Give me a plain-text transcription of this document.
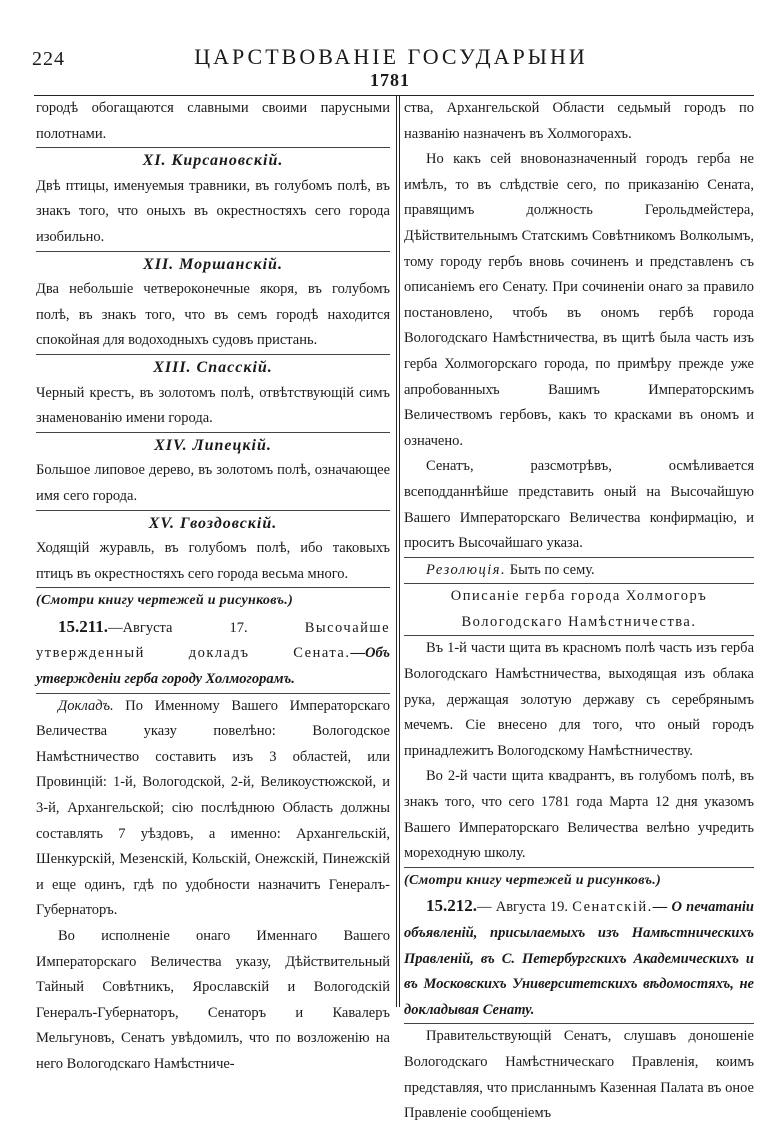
224	ЦАРСТВОВАНІЕ ГОСУДАРЫНИ
1781

городѣ обогащаются славными своими парусными полотнами.

XI. Кирсановскій.

Двѣ птицы, именуемыя травники, въ голубомъ полѣ, въ знакъ того, что оныхъ въ окрестностяхъ сего города изобильно.

XII. Моршанскій.

Два небольшіе четвероконечные якоря, въ голубомъ полѣ, въ знакъ того, что въ семъ городѣ находится спокойная для водоходныхъ судовъ пристань.

XIII. Спасскій.

Черный крестъ, въ золотомъ полѣ, отвѣтствующій симъ знаменованію имени города.

XIV. Липецкій.

Большое липовое дерево, въ золотомъ полѣ, означающее имя сего города.

XV. Гвоздовскій.

Ходящій журавль, въ голубомъ полѣ, ибо таковыхъ птицъ въ окрестностяхъ сего города весьма много.

(Смотри книгу чертежей и рисунковъ.)

15.211.—Августа 17.	Высочайше утвержденный докладъ Сената.—Объ утвержденіи герба городу Холмогорамъ.

Докладъ. По Именному Вашего Императорскаго Величества указу повелѣно: Вологодское Намѣстничество составить изъ 3 областей, или Провинцій: 1-й, Вологодской, 2-й, Великоустюжской, и 3-й, Архангельской; сію послѣднюю Область должны составлять 7 уѣздовъ, а именно: Архангельскій, Шенкурскій, Мезенскій, Кольскій, Онежскій, Пинежскій и еще одинъ, гдѣ по удобности назначитъ Генералъ-Губернаторъ.

Во исполненіе онаго Именнаго Вашего Императорскаго Величества указу, Дѣйствительный Тайный Совѣтникъ, Ярославскій и Вологодскій Генералъ-Губернаторъ, Сенаторъ и Кавалеръ Мельгуновъ, Сенатъ увѣдомилъ, что по возложенію на него Вологодскаго Намѣстниче-

ства, Архангельской Области седьмый городъ по названію назначенъ въ Холмогорахъ.

Но какъ сей вновоназначенный городъ герба не имѣлъ, то въ слѣдствіе сего, по приказанію Сената, правящимъ должность Герольдмейстера, Дѣйствительнымъ Статскимъ Совѣтникомъ Волколымъ, тому городу гербъ вновь сочиненъ и представленъ съ описаніемъ его Сенату. При сочиненіи онаго за правило постановлено, чтобъ въ ономъ гербѣ города Вологодскаго Намѣстничества, въ щитѣ была часть изъ герба Холмогорскаго города, по примѣру прежде уже апробованныхъ Вашимъ Императорскимъ Величествомъ гербовъ, какъ то красками въ ономъ и означено.

Сенатъ, разсмотрѣвъ, осмѣливается всеподданнѣйше представить оный на Высочайшую Вашего Императорскаго Величества конфирмацію, и проситъ Высочайшаго указа.

Резолюція. Быть по сему.

Описаніе герба города Холмогоръ Вологодскаго Намѣстничества.

Въ 1-й части щита въ красномъ полѣ часть изъ герба Вологодскаго Намѣстничества, выходящая изъ облака рука, держащая золотую державу съ серебрянымъ мечемъ. Сіе внесено для того, что оный городъ принадлежитъ Вологодскому Намѣстничеству.

Во 2-й части щита квадрантъ, въ голубомъ полѣ, въ знакъ того, что сего 1781 года Марта 12 дня указомъ Вашего Императорскаго Величества велѣно учредить мореходную школу.

(Смотри книгу чертежей и рисунковъ.)

15.212.— Августа 19. Сенатскій.— О печатаніи объявленій, присылаемыхъ изъ Намѣстническихъ Правленій, въ С. Петербургскихъ Академическихъ и въ Московскихъ Университетскихъ вѣдомостяхъ, не докладывая Сенату.

Правительствующій Сенатъ, слушавъ доношеніе Вологодскаго Намѣстническаго Правленія, коимъ представляя, что присланнымъ Казенная Палата въ оное Правленіе сообщеніемъ
